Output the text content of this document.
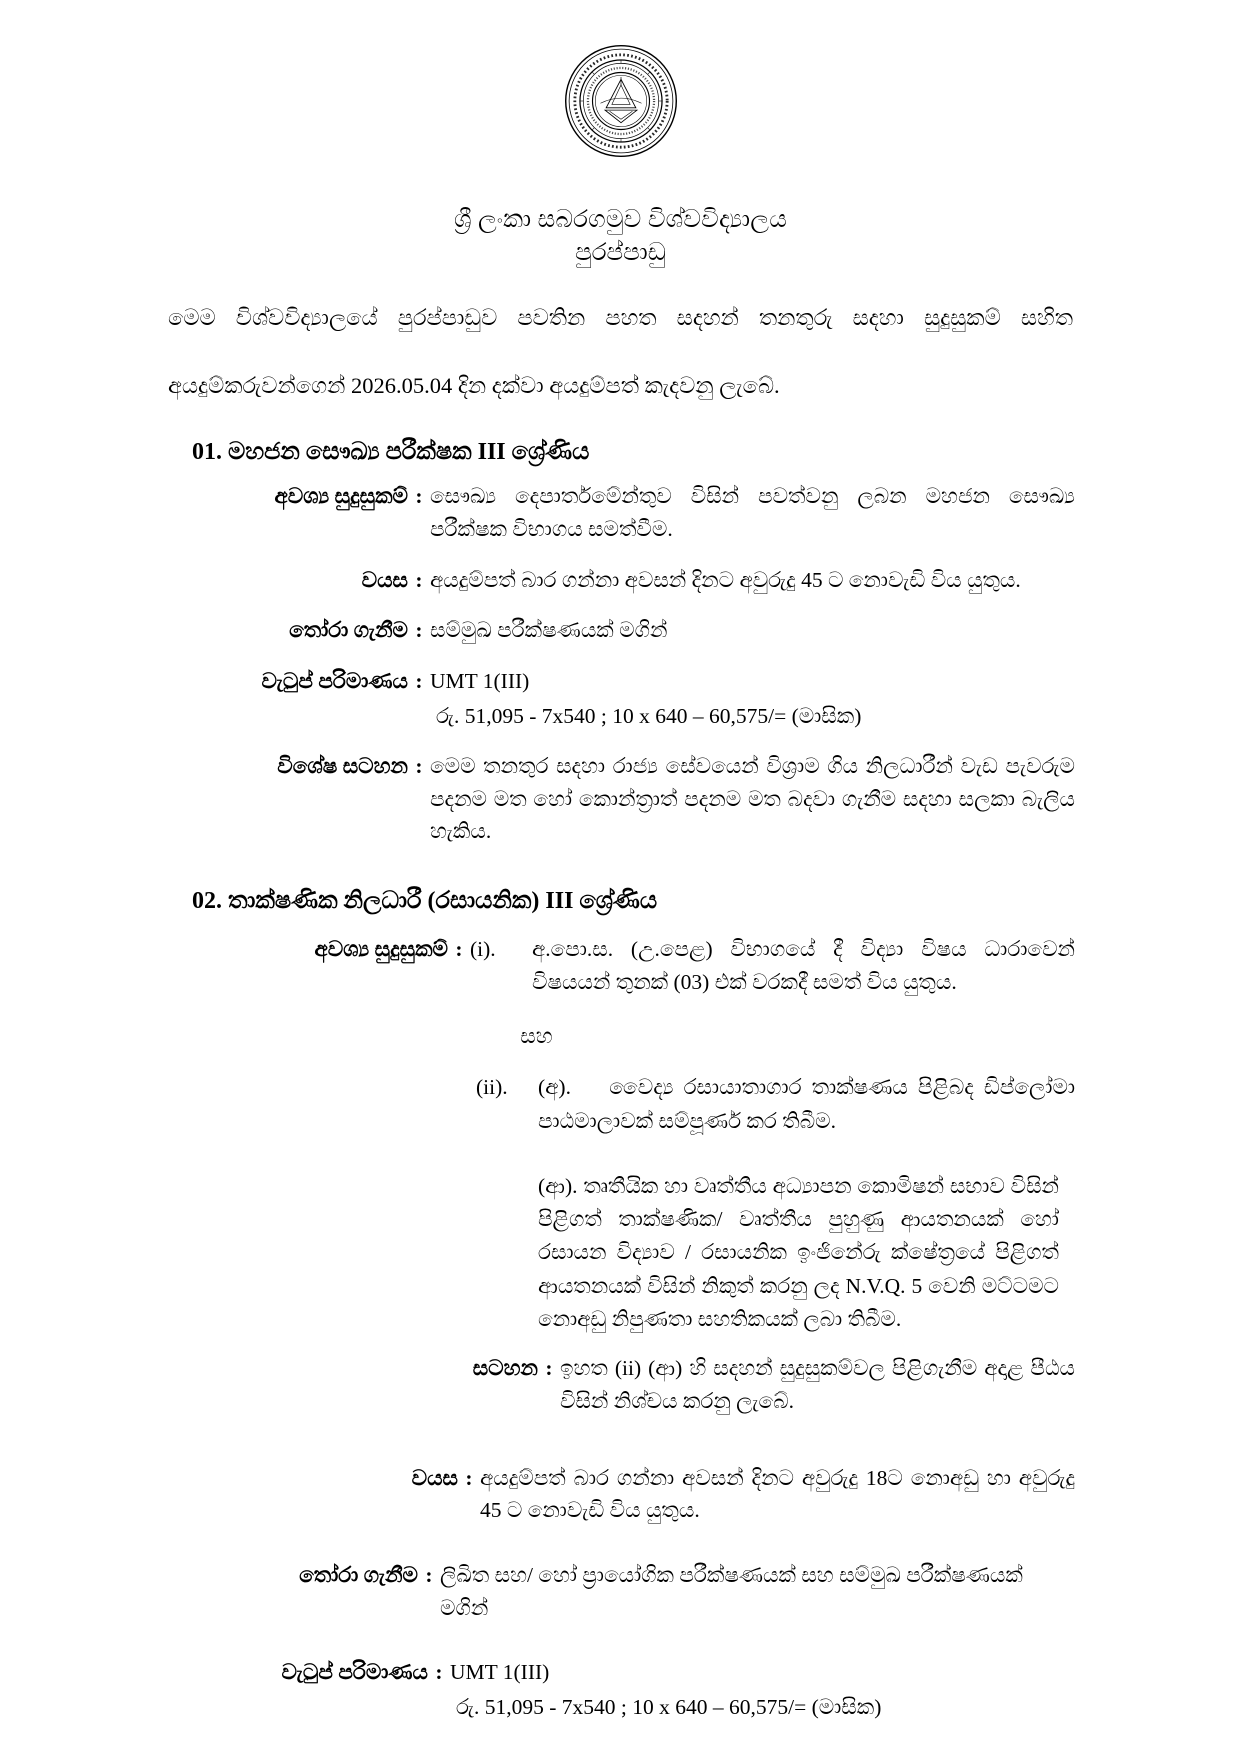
ශ්‍රී ලංකා සබරගමුව විශ්වවිද්‍යාලය
පුරප්පාඩු
මෙම විශ්වවිද්‍යාලයේ පුරප්පාඩුව පවතින පහත සදහන් තනතුරු සදහා සුදුසුකම් සහිත
අයදුම්කරුවන්ගෙන් 2026.05.04 දින දක්වා අයදුම්පත් කැදවනු ලැබේ.
01. මහජන සෞඛ්‍ය පරීක්ෂක III ශ්‍රේණිය
අවශ්‍ය සුදුසුකම් : සෞඛ්‍ය දෙපාර්තමේන්තුව විසින් පවත්වනු ලබන මහජන සෞඛ්‍ය පරීක්ෂක විභාගය සමත්වීම.
වයස : අයදුම්පත් බාර ගන්නා අවසන් දිනට අවුරුදු 45 ට නොවැඩි විය යුතුය.
තෝරා ගැනීම : සම්මුඛ පරීක්ෂණයක් මගින්
වැටුප් පරිමාණය : UMT 1(III)
රු. 51,095 - 7x540 ; 10 x 640 – 60,575/= (මාසික)
විශේෂ සටහන : මෙම තනතුර සදහා රාජ්‍ය සේවයෙන් විශ්‍රාම ගිය නිලධාරීන් වැඩ පැවරුම පදනම මත හෝ කොන්ත්‍රාත් පදනම මත බදවා ගැනීම සදහා සලකා බැලිය හැකිය.
02. තාක්ෂණික නිලධාරී (රසායනික) III ශ්‍රේණිය
අවශ්‍ය සුදුසුකම් : (i).	අ.පො.ස. (උ.පෙළ) විභාගයේ දී විද්‍යා විෂය ධාරාවෙන් විෂයයන් තුනක් (03) එක් වරකදී සමත් විය යුතුය.
සහ
(ii).	(අ). වෛද්‍ය රසායාතාගාර තාක්ෂණය පිළිබද ඩිප්ලෝමා පාඨමාලාවක් සම්පූර්ණ කර තිබීම.
(ආ). තෘතීයික හා වෘත්තීය අධ්‍යාපන කොමිෂන් සභාව විසින් පිළිගත් තාක්ෂණික/ වෘත්තීය පුහුණු ආයතනයක් හෝ රසායන විද්‍යාව / රසායනික ඉංජිනේරු ක්ෂේත්‍රයේ පිළිගත් ආයතනයක් විසින් නිකුත් කරනු ලද N.V.Q. 5 වෙනි මට්ටමට නොඅඩු නිපුණතා සහතිකයක් ලබා තිබීම.
සටහන : ඉහත (ii) (ආ) හි සදහන් සුදුසුකම්වල පිළිගැනීම අදාළ පීඨය විසින් නිශ්චය කරනු ලැබේ.
වයස : අයදුම්පත් බාර ගන්නා අවසන් දිනට අවුරුදු 18ට නොඅඩු හා අවුරුදු 45 ට නොවැඩි විය යුතුය.
තෝරා ගැනීම : ලිඛිත සහ/ හෝ ප්‍රායෝගික පරීක්ෂණයක් සහ සම්මුඛ පරීක්ෂණයක් මගින්
වැටුප් පරිමාණය : UMT 1(III)
රු. 51,095 - 7x540 ; 10 x 640 – 60,575/= (මාසික)
